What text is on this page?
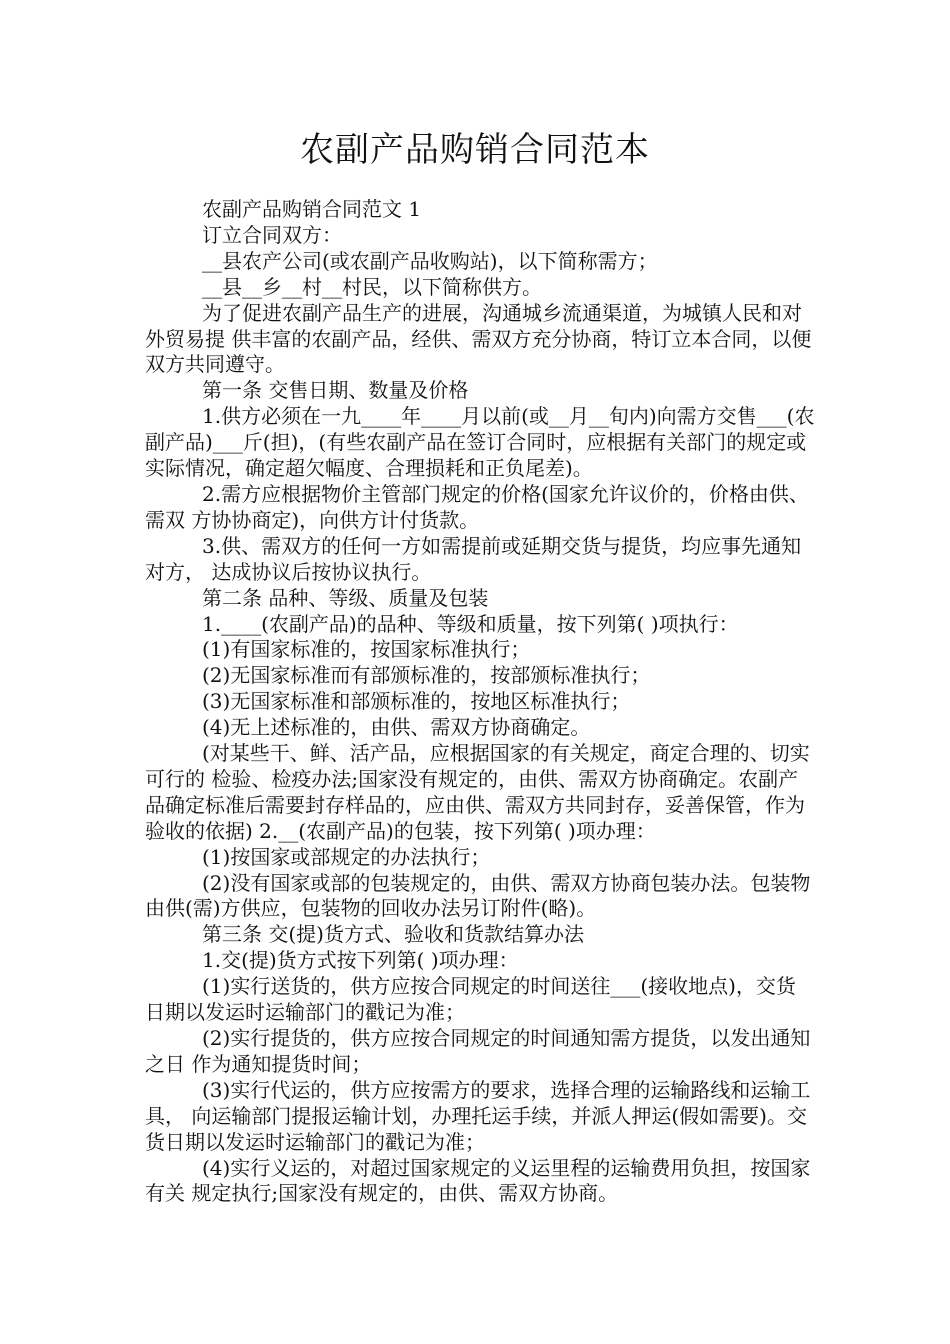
农副产品购销合同范本

农副产品购销合同范文 1

订立合同双方：

__县农产公司(或农副产品收购站)，以下简称需方；

__县__乡__村__村民，以下简称供方。

为了促进农副产品生产的进展，沟通城乡流通渠道，为城镇人民和对外贸易提 供丰富的农副产品，经供、需双方充分协商，特订立本合同，以便双方共同遵守。

第一条 交售日期、数量及价格

1.供方必须在一九____年____月以前(或__月__旬内)向需方交售___(农副产品)___斤(担)，(有些农副产品在签订合同时，应根据有关部门的规定或实际情况，确定超欠幅度、合理损耗和正负尾差)。

2.需方应根据物价主管部门规定的价格(国家允许议价的，价格由供、需双 方协协商定)，向供方计付货款。

3.供、需双方的任何一方如需提前或延期交货与提货，均应事先通知对方， 达成协议后按协议执行。

第二条 品种、等级、质量及包装

1.____(农副产品)的品种、等级和质量，按下列第( )项执行：

(1)有国家标准的，按国家标准执行；

(2)无国家标准而有部颁标准的，按部颁标准执行；

(3)无国家标准和部颁标准的，按地区标准执行；

(4)无上述标准的，由供、需双方协商确定。

(对某些干、鲜、活产品，应根据国家的有关规定，商定合理的、切实可行的 检验、检疫办法;国家没有规定的，由供、需双方协商确定。农副产品确定标准后需要封存样品的，应由供、需双方共同封存，妥善保管，作为验收的依据) 2.__(农副产品)的包装，按下列第( )项办理：

(1)按国家或部规定的办法执行；

(2)没有国家或部的包装规定的，由供、需双方协商包装办法。包装物由供(需)方供应，包装物的回收办法另订附件(略)。

第三条 交(提)货方式、验收和货款结算办法

1.交(提)货方式按下列第( )项办理：

(1)实行送货的，供方应按合同规定的时间送往___(接收地点)，交货 日期以发运时运输部门的戳记为准；

(2)实行提货的，供方应按合同规定的时间通知需方提货，以发出通知之日 作为通知提货时间；

(3)实行代运的，供方应按需方的要求，选择合理的运输路线和运输工具， 向运输部门提报运输计划，办理托运手续，并派人押运(假如需要)。交货日期以发运时运输部门的戳记为准；

(4)实行义运的，对超过国家规定的义运里程的运输费用负担，按国家有关 规定执行;国家没有规定的，由供、需双方协商。
